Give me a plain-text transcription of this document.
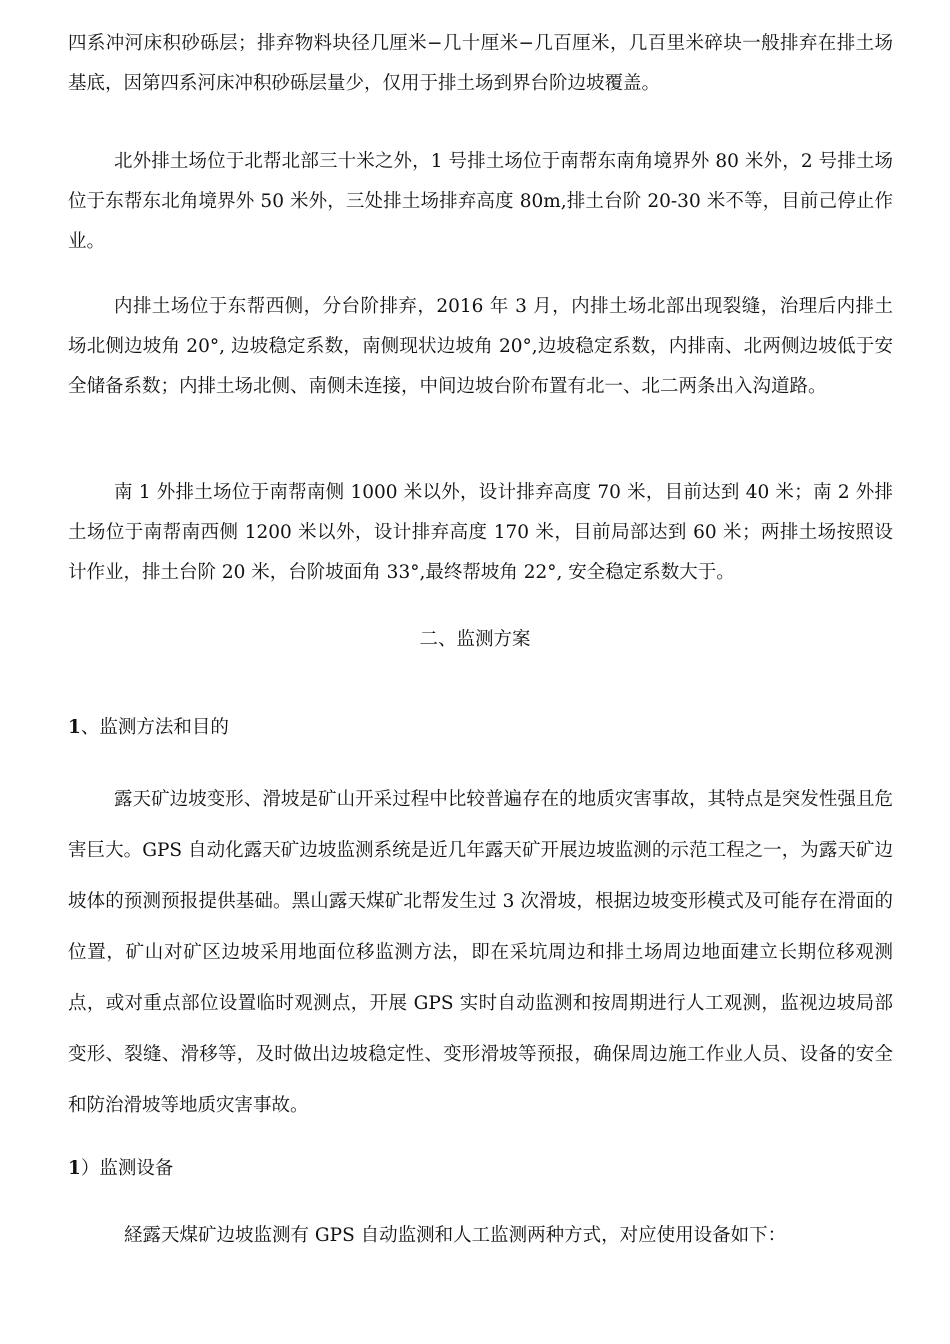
四系冲河床积砂砾层；排弃物料块径几厘米−几十厘米−几百厘米，几百里米碎块一般排弃在排土场基底，因第四系河床冲积砂砾层量少，仅用于排土场到界台阶边坡覆盖。

北外排土场位于北帮北部三十米之外，1 号排土场位于南帮东南角境界外 80 米外，2 号排土场位于东帮东北角境界外 50 米外，三处排土场排弃高度 80m,排土台阶 20-30 米不等，目前己停止作业。

内排土场位于东帮西侧，分台阶排弃，2016 年 3 月，内排土场北部出现裂缝，治理后内排土场北侧边坡角 20°, 边坡稳定系数，南侧现状边坡角 20°,边坡稳定系数，内排南、北两侧边坡低于安全储备系数；内排土场北侧、南侧未连接，中间边坡台阶布置有北一、北二两条出入沟道路。

南 1 外排土场位于南帮南侧 1000 米以外，设计排弃高度 70 米，目前达到 40 米；南 2 外排土场位于南帮南西侧 1200 米以外，设计排弃高度 170 米，目前局部达到 60 米；两排土场按照设计作业，排土台阶 20 米，台阶坡面角 33°,最终帮坡角 22°, 安全稳定系数大于。

二、监测方案

1、监测方法和目的

露天矿边坡变形、滑坡是矿山开采过程中比较普遍存在的地质灾害事故，其特点是突发性强且危害巨大。GPS 自动化露天矿边坡监测系统是近几年露天矿开展边坡监测的示范工程之一，为露天矿边坡体的预测预报提供基础。黑山露天煤矿北帮发生过 3 次滑坡，根据边坡变形模式及可能存在滑面的位置，矿山对矿区边坡采用地面位移监测方法，即在采坑周边和排土场周边地面建立长期位移观测点，或对重点部位设置临时观测点，开展 GPS 实时自动监测和按周期进行人工观测，监视边坡局部变形、裂缝、滑移等，及时做出边坡稳定性、变形滑坡等预报，确保周边施工作业人员、设备的安全和防治滑坡等地质灾害事故。

1）监测设备

経露天煤矿边坡监测有 GPS 自动监测和人工监测两种方式，对应使用设备如下：
